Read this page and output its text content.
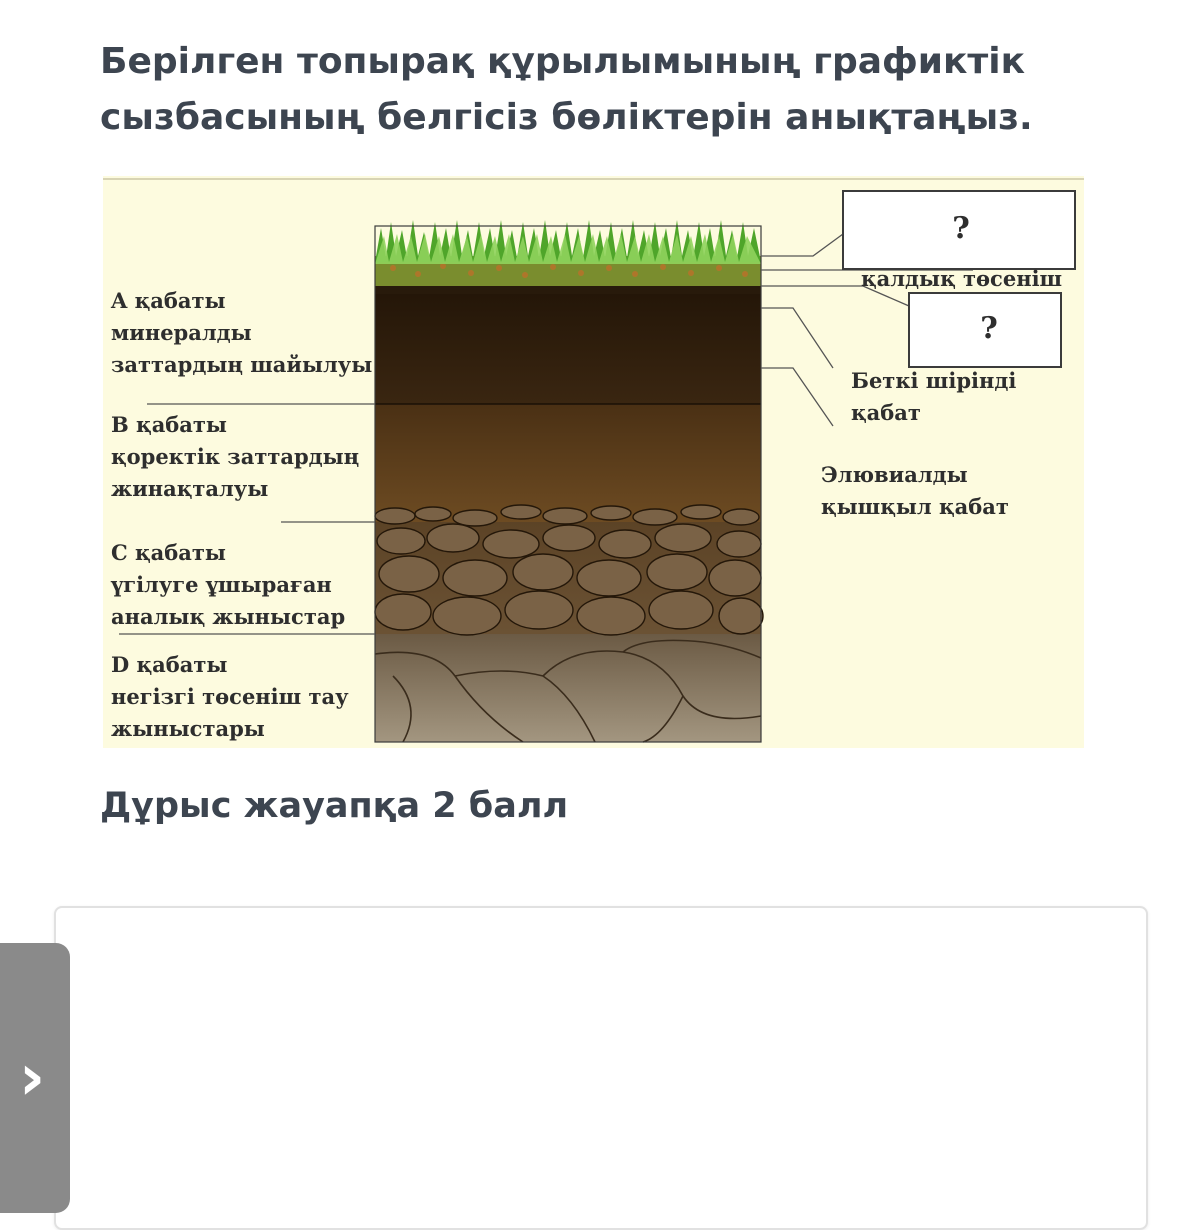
Берілген топырақ құрылымының графиктік сызбасының белгісіз бөліктерін анықтаңыз.
A қабаты
минералды
заттардың шайылуы
B қабаты
қоректік заттардың
жинақталуы
C қабаты
үгілуге ұшыраған
аналық жыныстар
D қабаты
негізгі төсеніш тау
жыныстары
?
?
қалдық төсеніш
Беткі шірінді
қабат
Элювиалды
қышқыл қабат

Дұрыс жауапқа 2 балл

›
